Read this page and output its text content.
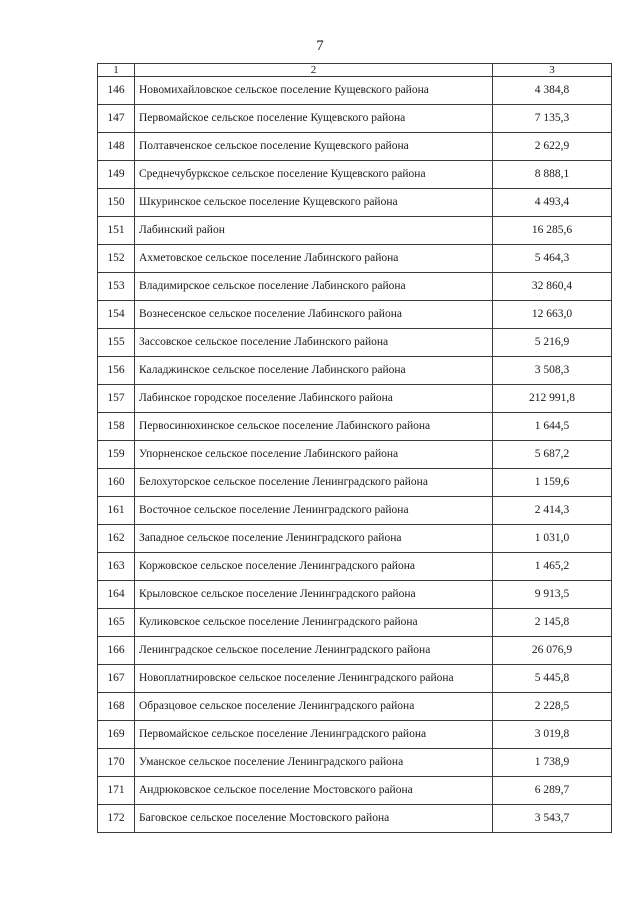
7
1	2	3
146	Новомихайловское сельское поселение Кущевского района	4 384,8
147	Первомайское сельское поселение Кущевского района	7 135,3
148	Полтавченское сельское поселение Кущевского района	2 622,9
149	Среднечубуркское сельское поселение Кущевского района	8 888,1
150	Шкуринское сельское поселение Кущевского района	4 493,4
151	Лабинский район	16 285,6
152	Ахметовское сельское поселение Лабинского района	5 464,3
153	Владимирское сельское поселение Лабинского района	32 860,4
154	Вознесенское сельское поселение Лабинского района	12 663,0
155	Зассовское сельское поселение Лабинского района	5 216,9
156	Каладжинское сельское поселение Лабинского района	3 508,3
157	Лабинское городское поселение Лабинского района	212 991,8
158	Первосинюхинское сельское поселение Лабинского района	1 644,5
159	Упорненское сельское поселение Лабинского района	5 687,2
160	Белохуторское сельское поселение Ленинградского района	1 159,6
161	Восточное сельское поселение Ленинградского района	2 414,3
162	Западное сельское поселение Ленинградского района	1 031,0
163	Коржовское сельское поселение Ленинградского района	1 465,2
164	Крыловское сельское поселение Ленинградского района	9 913,5
165	Куликовское сельское поселение Ленинградского района	2 145,8
166	Ленинградское сельское поселение Ленинградского района	26 076,9
167	Новоплатнировское сельское поселение Ленинградского района	5 445,8
168	Образцовое сельское поселение Ленинградского района	2 228,5
169	Первомайское сельское поселение Ленинградского района	3 019,8
170	Уманское сельское поселение Ленинградского района	1 738,9
171	Андрюковское сельское поселение Мостовского района	6 289,7
172	Баговское сельское поселение Мостовского района	3 543,7
